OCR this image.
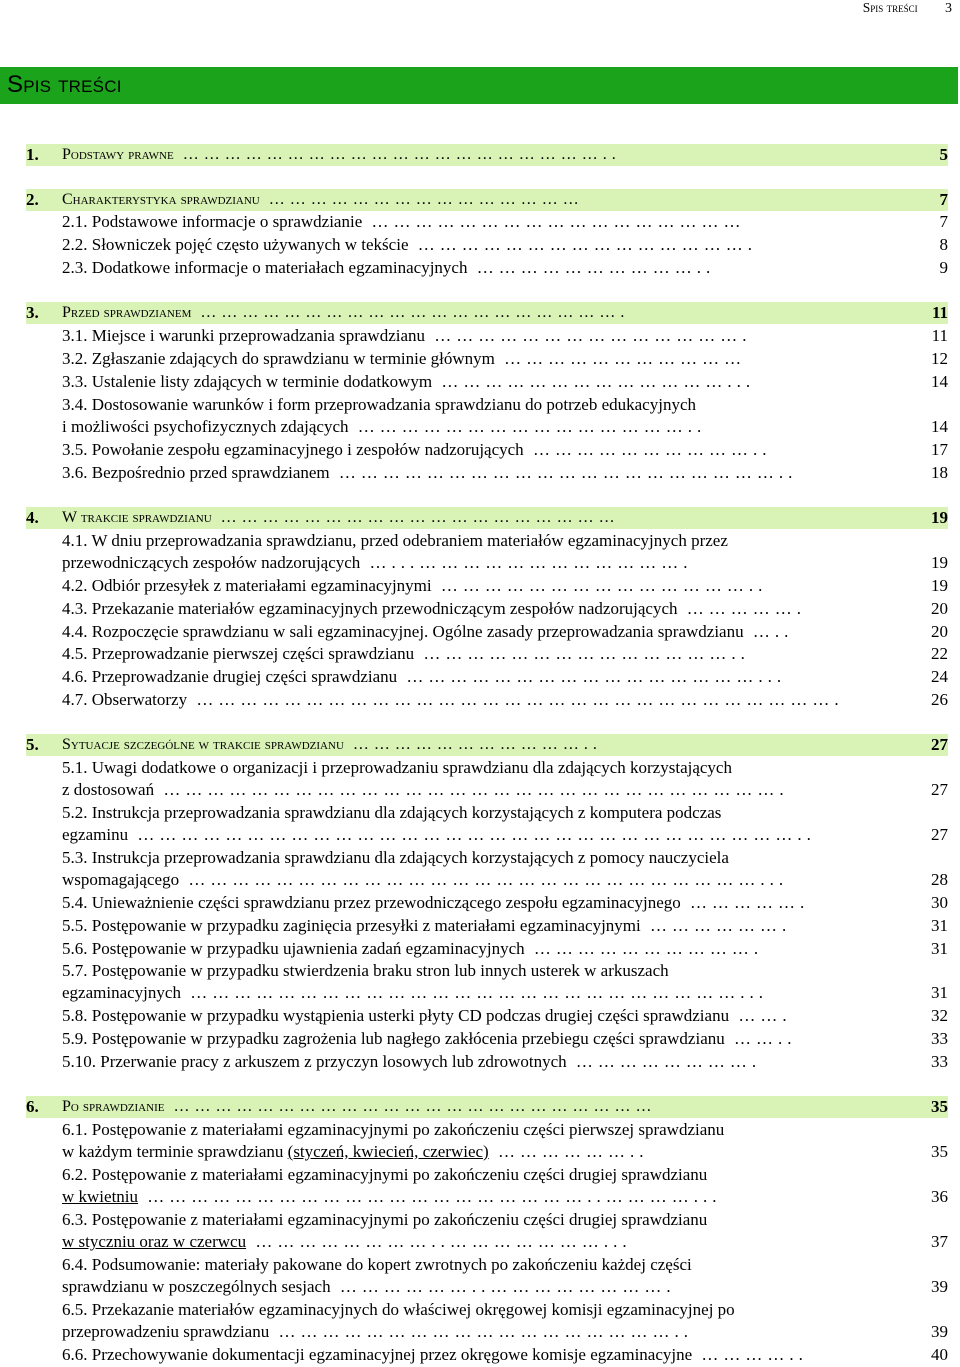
Spis treści 3
Spis treści
1.	Podstawy prawne ……………………………………………………..	5
2.	Charakterystyka sprawdzianu ………………………………………	7
2.1. Podstawowe informacje o sprawdzianie ……………………………………………	7
2.2. Słowniczek pojęć często używanych w tekście ……………………………………….	8
2.3. Dodatkowe informacje o materiałach egzaminacyjnych …………………………..	9
3.	Przed sprawdzianem …………………………………………………….	11
3.1. Miejsce i warunki przeprowadzania sprawdzianu …………………………………….	11
3.2. Zgłaszanie zdających do sprawdzianu w terminie głównym ……………………………	12
3.3. Ustalenie listy zdających w terminie dodatkowym …………………………………...	14
3.4. Dostosowanie warunków i form przeprowadzania sprawdzianu do potrzeb edukacyjnych
i możliwości psychofizycznych zdających ………………………………………..	14
3.5. Powołanie zespołu egzaminacyjnego i zespołów nadzorujących …………………………..	17
3.6. Bezpośrednio przed sprawdzianem ……………………………………………………..	18
4.	W trakcie sprawdzianu …………………………………………………	19
4.1. W dniu przeprowadzania sprawdzianu, przed odebraniem materiałów egzaminacyjnych przez
przewodniczących zespołów nadzorujących …...……………………………….	19
4.2. Odbiór przesyłek z materiałami egzaminacyjnymi ……………………………………..	19
4.3. Przekazanie materiałów egzaminacyjnych przewodniczącym zespołów nadzorujących …………….	20
4.4. Rozpoczęcie sprawdzianu w sali egzaminacyjnej. Ogólne zasady przeprowadzania sprawdzianu …..	20
4.5. Przeprowadzanie pierwszej części sprawdzianu ……………………………………..	22
4.6. Przeprowadzanie drugiej części sprawdzianu …………………………………………...	24
4.7. Obserwatorzy …………………………………………………………………………….	26
5.	Sytuacje szczególne w trakcie sprawdzianu ……………………………..	27
5.1. Uwagi dodatkowe o organizacji i przeprowadzaniu sprawdzianu dla zdających korzystających
z dostosowań ………………………………………………………………………….	27
5.2. Instrukcja przeprowadzania sprawdzianu dla zdających korzystających z komputera podczas
egzaminu ………………………………………………………………………………..	27
5.3. Instrukcja przeprowadzania sprawdzianu dla zdających korzystających z pomocy nauczyciela
wspomagającego ……………………………………………………………………...	28
5.4. Unieważnienie części sprawdzianu przez przewodniczącego zespołu egzaminacyjnego …………….	30
5.5. Postępowanie w przypadku zaginięcia przesyłki z materiałami egzaminacyjnymi ……………….	31
5.6. Postępowanie w przypadku ujawnienia zadań egzaminacyjnych ………………………….	31
5.7. Postępowanie w przypadku stwierdzenia braku stron lub innych usterek w arkuszach
egzaminacyjnych …………………………………………………………………...	31
5.8. Postępowanie w przypadku wystąpienia usterki płyty CD podczas drugiej części sprawdzianu …….	32
5.9. Postępowanie w przypadku zagrożenia lub nagłego zakłócenia przebiegu części sprawdzianu ……..	33
5.10. Przerwanie pracy z arkuszem z przyczyn losowych lub zdrowotnych …………………….	33
6.	Po sprawdzianie ……………………………………………………………	35
6.1. Postępowanie z materiałami egzaminacyjnymi po zakończeniu części pierwszej sprawdzianu
w każdym terminie sprawdzianu (styczeń, kwiecień, czerwiec) ………………..	35
6.2. Postępowanie z materiałami egzaminacyjnymi po zakończeniu części drugiej sprawdzianu
w kwietniu ……………………………………………………..…………...	36
6.3. Postępowanie z materiałami egzaminacyjnymi po zakończeniu części drugiej sprawdzianu
w styczniu oraz w czerwcu ……………………..…………………...	37
6.4. Podsumowanie: materiały pakowane do kopert zwrotnych po zakończeniu każdej części
sprawdzianu w poszczególnych sesjach ………………..…………………….	39
6.5. Przekazanie materiałów egzaminacyjnych do właściwej okręgowej komisji egzaminacyjnej po
przeprowadzeniu sprawdzianu ………………………………………………..	39
6.6. Przechowywanie dokumentacji egzaminacyjnej przez okręgowe komisje egzaminacyjne …………..	40
